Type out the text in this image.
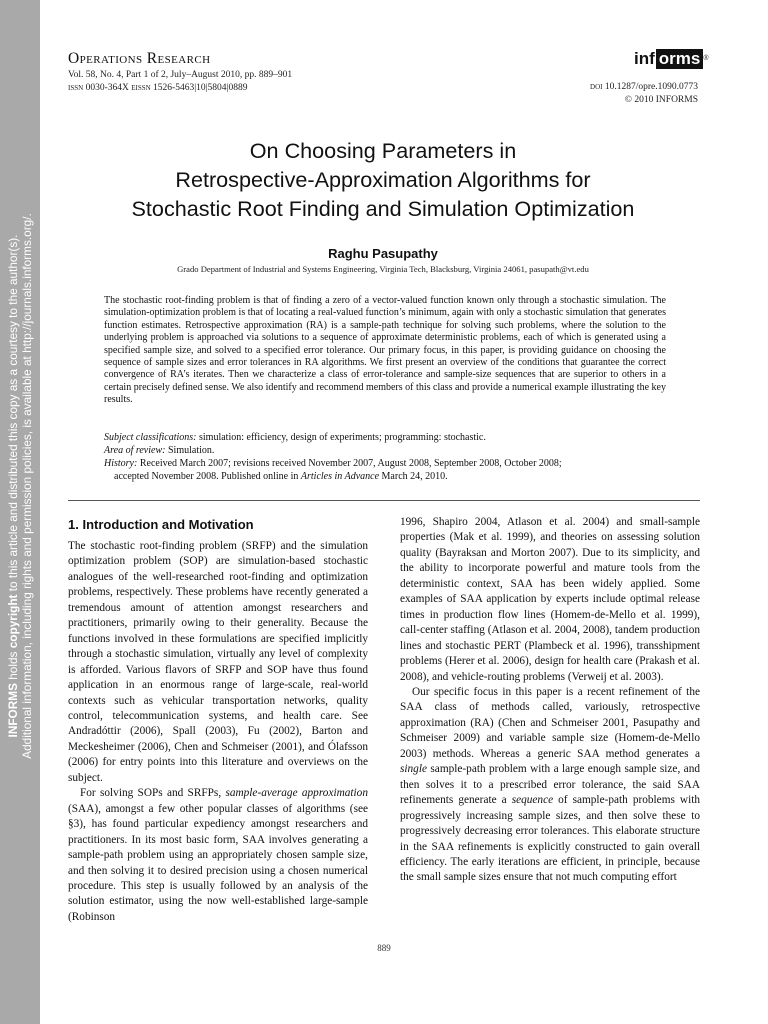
INFORMS holds copyright to this article and distributed this copy as a courtesy to the author(s). Additional information, including rights and permission policies, is available at http://journals.informs.org/.
Operations Research
Vol. 58, No. 4, Part 1 of 2, July–August 2010, pp. 889–901
issn 0030-364X eissn 1526-5463|10|5804|0889
inf orms ®
doi 10.1287/opre.1090.0773
© 2010 INFORMS
On Choosing Parameters in
Retrospective-Approximation Algorithms for
Stochastic Root Finding and Simulation Optimization
Raghu Pasupathy
Grado Department of Industrial and Systems Engineering, Virginia Tech, Blacksburg, Virginia 24061, pasupath@vt.edu

The stochastic root-finding problem is that of finding a zero of a vector-valued function known only through a stochastic simulation. The simulation-optimization problem is that of locating a real-valued function’s minimum, again with only a stochastic simulation that generates function estimates. Retrospective approximation (RA) is a sample-path technique for solving such problems, where the solution to the underlying problem is approached via solutions to a sequence of approximate deterministic problems, each of which is generated using a specified sample size, and solved to a specified error tolerance. Our primary focus, in this paper, is providing guidance on choosing the sequence of sample sizes and error tolerances in RA algorithms. We first present an overview of the conditions that guarantee the correct convergence of RA’s iterates. Then we characterize a class of error-tolerance and sample-size sequences that are superior to others in a certain precisely defined sense. We also identify and recommend members of this class and provide a numerical example illustrating the key results.

Subject classifications: simulation: efficiency, design of experiments; programming: stochastic.

Area of review: Simulation.

History: Received March 2007; revisions received November 2007, August 2008, September 2008, October 2008;

accepted November 2008. Published online in Articles in Advance March 24, 2010.

1. Introduction and Motivation

The stochastic root-finding problem (SRFP) and the simulation optimization problem (SOP) are simulation-based stochastic analogues of the well-researched root-finding and optimization problems, respectively. These problems have recently generated a tremendous amount of attention amongst researchers and practitioners, primarily owing to their generality. Because the functions involved in these formulations are specified implicitly through a stochastic simulation, virtually any level of complexity is afforded. Various flavors of SRFP and SOP have thus found application in an enormous range of large-scale, real-world contexts such as vehicular transportation networks, quality control, telecommunication systems, and health care. See Andradóttir (2006), Spall (2003), Fu (2002), Barton and Meckesheimer (2006), Chen and Schmeiser (2001), and Ólafsson (2006) for entry points into this literature and overviews on the subject.

For solving SOPs and SRFPs, sample-average approximation (SAA), amongst a few other popular classes of algorithms (see §3), has found particular expediency amongst researchers and practitioners. In its most basic form, SAA involves generating a sample-path problem using an appropriately chosen sample size, and then solving it to desired precision using a chosen numerical procedure. This step is usually followed by an analysis of the solution estimator, using the now well-established large-sample (Robinson

1996, Shapiro 2004, Atlason et al. 2004) and small-sample properties (Mak et al. 1999), and theories on assessing solution quality (Bayraksan and Morton 2007). Due to its simplicity, and the ability to incorporate powerful and mature tools from the deterministic context, SAA has been widely applied. Some examples of SAA application by experts include optimal release times in production flow lines (Homem-de-Mello et al. 1999), call-center staffing (Atlason et al. 2004, 2008), tandem production lines and stochastic PERT (Plambeck et al. 1996), transshipment problems (Herer et al. 2006), design for health care (Prakash et al. 2008), and vehicle-routing problems (Verweij et al. 2003).

Our specific focus in this paper is a recent refinement of the SAA class of methods called, variously, retrospective approximation (RA) (Chen and Schmeiser 2001, Pasupathy and Schmeiser 2009) and variable sample size (Homem-de-Mello 2003) methods. Whereas a generic SAA method generates a single sample-path problem with a large enough sample size, and then solves it to a prescribed error tolerance, the said SAA refinements generate a sequence of sample-path problems with progressively increasing sample sizes, and then solve these to progressively decreasing error tolerances. This elaborate structure in the SAA refinements is explicitly constructed to gain overall efficiency. The early iterations are efficient, in principle, because the small sample sizes ensure that not much computing effort

889
